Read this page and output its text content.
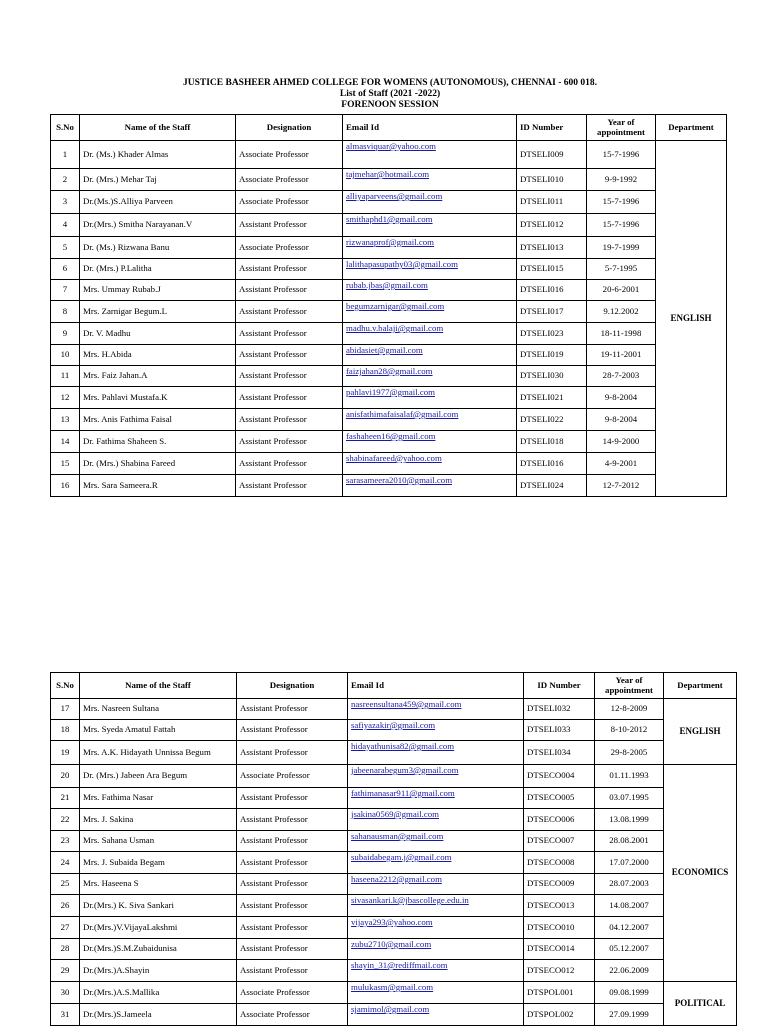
JUSTICE BASHEER AHMED COLLEGE FOR WOMENS (AUTONOMOUS), CHENNAI - 600 018.
List of Staff (2021 -2022)
FORENOON SESSION
S.No	Name of the Staff	Designation	Email Id	ID Number	Year of appointment	Department
1	Dr. (Ms.) Khader Almas	Associate Professor	almasviquar@yahoo.com	DTSELI009	15-7-1996	ENGLISH
2	Dr. (Mrs.) Mehar Taj	Associate Professor	tajmehar@hotmail.com	DTSELI010	9-9-1992	
3	Dr.(Ms.)S.Alliya Parveen	Associate Professor	alliyaparveens@gmail.com	DTSELI011	15-7-1996	
4	Dr.(Mrs.) Smitha Narayanan.V	Assistant Professor	smithaphd1@gmail.com	DTSELI012	15-7-1996	
5	Dr. (Ms.) Rizwana Banu	Associate Professor	rizwanaprof@gmail.com	DTSELI013	19-7-1999	
6	Dr. (Mrs.) P.Lalitha	Assistant Professor	lalithapasupathy03@gmail.com	DTSELI015	5-7-1995	
7	Mrs. Ummay Rubab.J	Assistant Professor	rubab.jbas@gmail.com	DTSELI016	20-6-2001	
8	Mrs. Zarnigar Begum.L	Assistant Professor	begumzarnigar@gmail.com	DTSELI017	9.12.2002	
9	Dr. V. Madhu	Assistant Professor	madhu.v.balaji@gmail.com	DTSELI023	18-11-1998	
10	Mrs. H.Abida	Assistant Professor	abidasiet@gmail.com	DTSELI019	19-11-2001	
11	Mrs. Faiz Jahan.A	Assistant Professor	faizjahan28@gmail.com	DTSELI030	28-7-2003	
12	Mrs. Pahlavi Mustafa.K	Assistant Professor	pahlavi1977@gmail.com	DTSELI021	9-8-2004	
13	Mrs. Anis Fathima Faisal	Assistant Professor	anisfathimafaisalaf@gmail.com	DTSELI022	9-8-2004	
14	Dr. Fathima Shaheen S.	Assistant Professor	fashaheen16@gmail.com	DTSELI018	14-9-2000	
15	Dr. (Mrs.) Shabina Fareed	Assistant Professor	shabinafareed@yahoo.com	DTSELI016	4-9-2001	
16	Mrs. Sara Sameera.R	Assistant Professor	sarasameera2010@gmail.com	DTSELI024	12-7-2012	
S.No	Name of the Staff	Designation	Email Id	ID Number	Year of appointment	Department
17	Mrs. Nasreen Sultana	Assistant Professor	nasreensultana459@gmail.com	DTSELI032	12-8-2009	ENGLISH
18	Mrs. Syeda Amatul Fattah	Assistant Professor	safiyazakir@gmail.com	DTSELI033	8-10-2012	
19	Mrs. A.K. Hidayath Unnissa Begum	Assistant Professor	hidayathunisa82@gmail.com	DTSELI034	29-8-2005	
20	Dr. (Mrs.) Jabeen Ara Begum	Associate Professor	jabeenarabegum3@gmail.com	DTSECO004	01.11.1993	ECONOMICS
21	Mrs. Fathima Nasar	Assistant Professor	fathimanasar911@gmail.com	DTSECO005	03.07.1995	
22	Mrs. J. Sakina	Assistant Professor	jsakina0569@gmail.com	DTSECO006	13.08.1999	
23	Mrs. Sahana Usman	Assistant Professor	sahanausman@gmail.com	DTSECO007	28.08.2001	
24	Mrs. J. Subaida Begam	Assistant Professor	subaidabegam.j@gmail.com	DTSECO008	17.07.2000	
25	Mrs. Haseena S	Assistant Professor	haseena2212@gmail.com	DTSECO009	28.07.2003	
26	Dr.(Mrs.) K. Siva Sankari	Assistant Professor	sivasankari.k@jbascollege.edu.in	DTSECO013	14.08.2007	
27	Dr.(Mrs.)V.VijayaLakshmi	Assistant Professor	vijaya293@yahoo.com	DTSECO010	04.12.2007	
28	Dr.(Mrs.)S.M.Zubaidunisa	Assistant Professor	zubu2710@gmail.com	DTSECO014	05.12.2007	
29	Dr.(Mrs.)A.Shayin	Assistant Professor	shayin_31@rediffmail.com	DTSECO012	22.06.2009	
30	Dr.(Mrs.)A.S.Mallika	Associate Professor	mulukasm@gmail.com	DTSPOL001	09.08.1999	POLITICAL
31	Dr.(Mrs.)S.Jameela	Associate Professor	sjamimol@gmail.com	DTSPOL002	27.09.1999	
